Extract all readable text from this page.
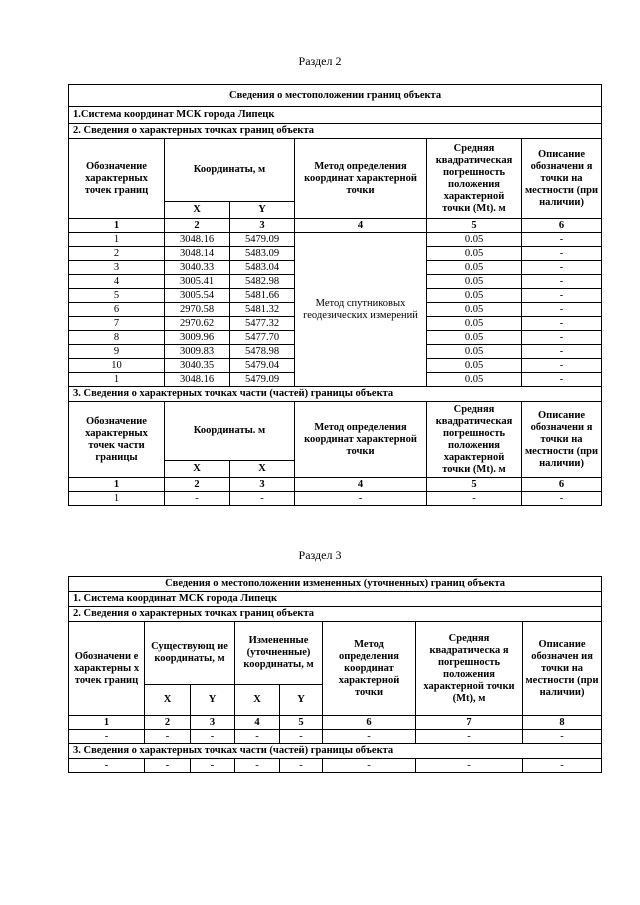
Раздел 2
Сведения о местоположении границ объекта					
1.Система координат МСК города Липецк					
2. Сведения о характерных точках границ объекта					
Обозначение характерных точек границ	Координаты, м		Метод определения координат характерной точки	Средняя квадратическая погрешность положения характерной точки (Mt). м	Описание обозначени я точки на местности (при наличии)
	X	Y			
1	2	3	4	5	6
1	3048.16	5479.09	Метод спутниковых геодезических измерений	0.05	-
2	3048.14	5483.09		0.05	-
3	3040.33	5483.04		0.05	-
4	3005.41	5482.98		0.05	-
5	3005.54	5481.66		0.05	-
6	2970.58	5481.32		0.05	-
7	2970.62	5477.32		0.05	-
8	3009.96	5477.70		0.05	-
9	3009.83	5478.98		0.05	-
10	3040.35	5479.04		0.05	-
1	3048.16	5479.09		0.05	-
3. Сведения о характерных точках части (частей) границы объекта					
Обозначение характерных точек части границы	Координаты. м		Метод определения координат характерной точки	Средняя квадратическая погрешность положения характерной точки (Mt). м	Описание обозначени я точки на местности (при наличии)
	X	X			
1	2	3	4	5	6
1	-	-	-	-	-
Раздел 3
Сведения о местоположении измененных (уточненных) границ объекта							
1. Система координат МСК города Липецк							
2. Сведения о характерных точках границ объекта							
Обозначени е характерны х точек границ	Существующ ие координаты, м		Измененные (уточненные) координаты, м		Метод определения координат характерной точки	Средняя квадратическа я погрешность положения характерной точки (Mt), м	Описание обозначен ия точки на местности (при наличии)
	X	Y	X	Y			
1	2	3	4	5	6	7	8
-	-	-	-	-	-	-	-
3. Сведения о характерных точках части (частей) границы объекта							
-	-	-	-	-	-	-	-
